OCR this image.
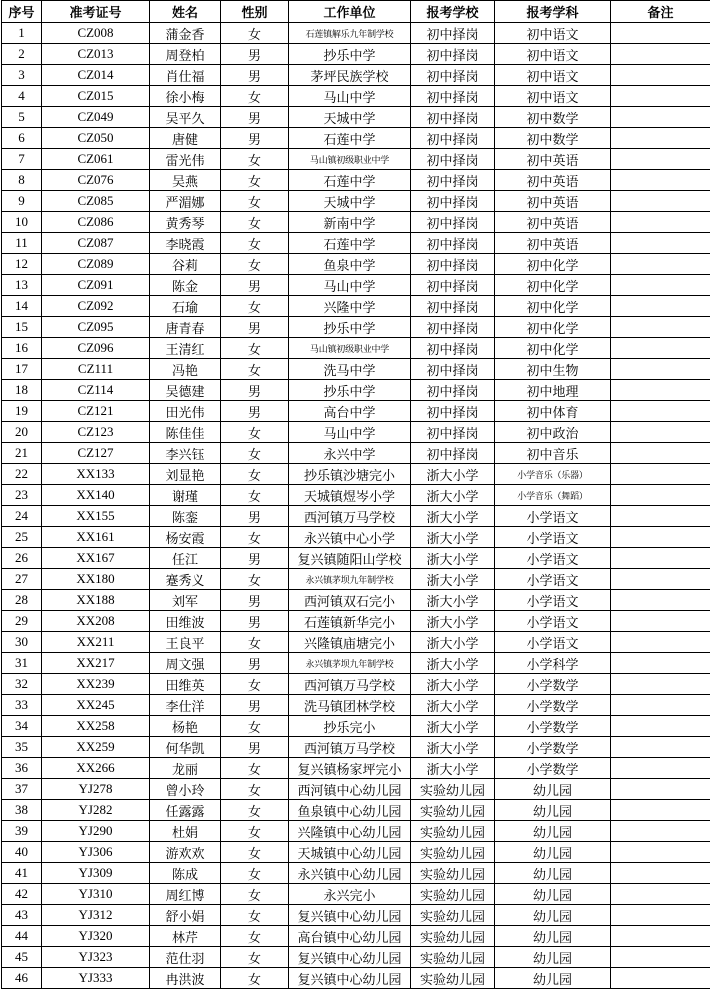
序号	准考证号	姓名	性别	工作单位	报考学校	报考学科	备注
1	CZ008	蒲金香	女	石莲镇解乐九年制学校	初中择岗	初中语文	
2	CZ013	周登柏	男	抄乐中学	初中择岗	初中语文	
3	CZ014	肖仕福	男	茅坪民族学校	初中择岗	初中语文	
4	CZ015	徐小梅	女	马山中学	初中择岗	初中语文	
5	CZ049	吴平久	男	天城中学	初中择岗	初中数学	
6	CZ050	唐健	男	石莲中学	初中择岗	初中数学	
7	CZ061	雷光伟	女	马山镇初级职业中学	初中择岗	初中英语	
8	CZ076	吴燕	女	石莲中学	初中择岗	初中英语	
9	CZ085	严湄娜	女	天城中学	初中择岗	初中英语	
10	CZ086	黄秀琴	女	新南中学	初中择岗	初中英语	
11	CZ087	李晓霞	女	石莲中学	初中择岗	初中英语	
12	CZ089	谷莉	女	鱼泉中学	初中择岗	初中化学	
13	CZ091	陈金	男	马山中学	初中择岗	初中化学	
14	CZ092	石瑜	女	兴隆中学	初中择岗	初中化学	
15	CZ095	唐青春	男	抄乐中学	初中择岗	初中化学	
16	CZ096	王清红	女	马山镇初级职业中学	初中择岗	初中化学	
17	CZ111	冯艳	女	洗马中学	初中择岗	初中生物	
18	CZ114	吴德建	男	抄乐中学	初中择岗	初中地理	
19	CZ121	田光伟	男	高台中学	初中择岗	初中体育	
20	CZ123	陈佳佳	女	马山中学	初中择岗	初中政治	
21	CZ127	李兴钰	女	永兴中学	初中择岗	初中音乐	
22	XX133	刘显艳	女	抄乐镇沙塘完小	浙大小学	小学音乐（乐器）	
23	XX140	谢瑾	女	天城镇煜岑小学	浙大小学	小学音乐（舞蹈）	
24	XX155	陈銮	男	西河镇万马学校	浙大小学	小学语文	
25	XX161	杨安霞	女	永兴镇中心小学	浙大小学	小学语文	
26	XX167	任江	男	复兴镇随阳山学校	浙大小学	小学语文	
27	XX180	蹇秀义	女	永兴镇茅坝九年制学校	浙大小学	小学语文	
28	XX188	刘军	男	西河镇双石完小	浙大小学	小学语文	
29	XX208	田维波	男	石莲镇新华完小	浙大小学	小学语文	
30	XX211	王良平	女	兴隆镇庙塘完小	浙大小学	小学语文	
31	XX217	周文强	男	永兴镇茅坝九年制学校	浙大小学	小学科学	
32	XX239	田维英	女	西河镇万马学校	浙大小学	小学数学	
33	XX245	李仕洋	男	洗马镇团林学校	浙大小学	小学数学	
34	XX258	杨艳	女	抄乐完小	浙大小学	小学数学	
35	XX259	何华凯	男	西河镇万马学校	浙大小学	小学数学	
36	XX266	龙丽	女	复兴镇杨家坪完小	浙大小学	小学数学	
37	YJ278	曾小玲	女	西河镇中心幼儿园	实验幼儿园	幼儿园	
38	YJ282	任露露	女	鱼泉镇中心幼儿园	实验幼儿园	幼儿园	
39	YJ290	杜娟	女	兴隆镇中心幼儿园	实验幼儿园	幼儿园	
40	YJ306	游欢欢	女	天城镇中心幼儿园	实验幼儿园	幼儿园	
41	YJ309	陈成	女	永兴镇中心幼儿园	实验幼儿园	幼儿园	
42	YJ310	周红博	女	永兴完小	实验幼儿园	幼儿园	
43	YJ312	舒小娟	女	复兴镇中心幼儿园	实验幼儿园	幼儿园	
44	YJ320	林芹	女	高台镇中心幼儿园	实验幼儿园	幼儿园	
45	YJ323	范仕羽	女	复兴镇中心幼儿园	实验幼儿园	幼儿园	
46	YJ333	冉洪波	女	复兴镇中心幼儿园	实验幼儿园	幼儿园	
